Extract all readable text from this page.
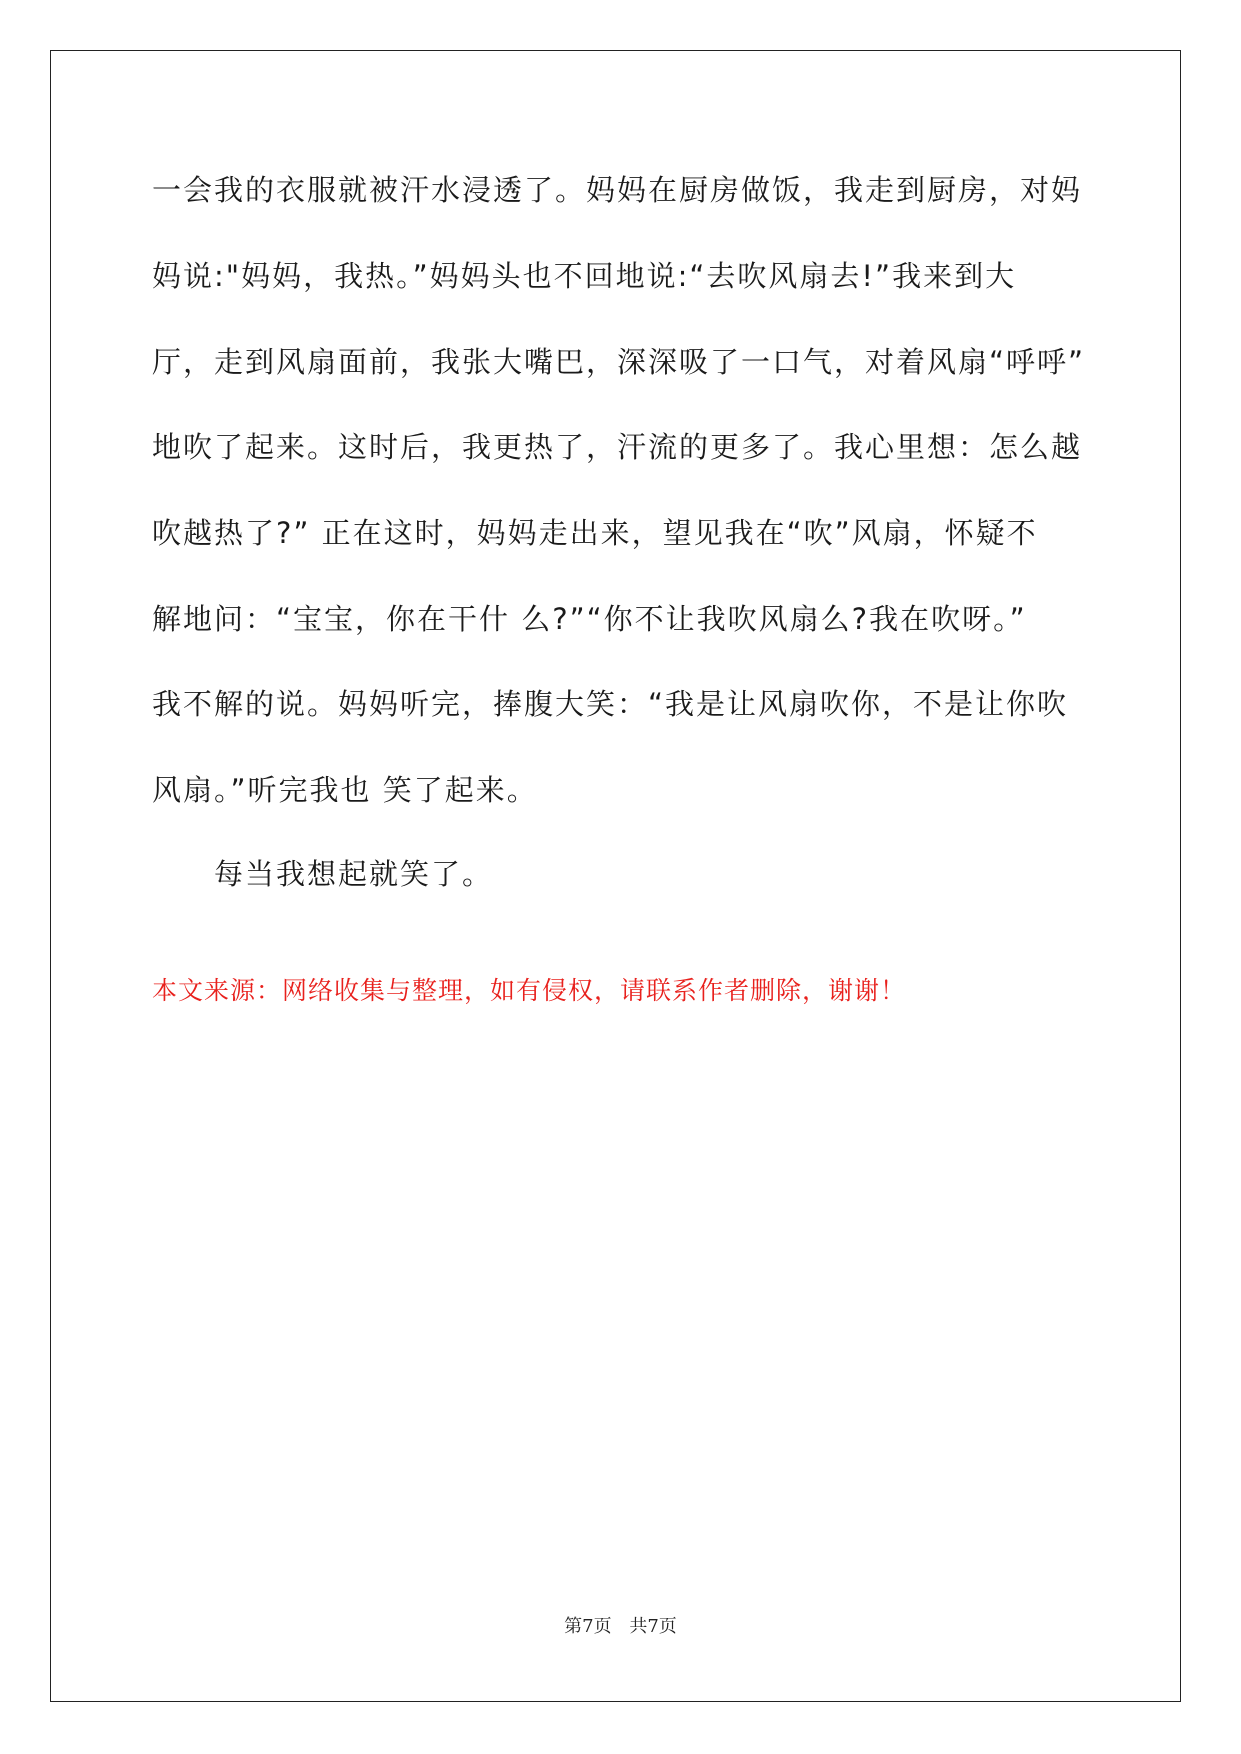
一会我的衣服就被汗水浸透了。妈妈在厨房做饭，我走到厨房，对妈
妈说:"妈妈，我热。”妈妈头也不回地说:“去吹风扇去!”我来到大
厅，走到风扇面前，我张大嘴巴，深深吸了一口气，对着风扇“呼呼”
地吹了起来。这时后，我更热了，汗流的更多了。我心里想：怎么越
吹越热了?” 正在这时，妈妈走出来，望见我在“吹”风扇，怀疑不
解地问：“宝宝，你在干什 么?”“你不让我吹风扇么?我在吹呀。”
我不解的说。妈妈听完，捧腹大笑：“我是让风扇吹你，不是让你吹
风扇。”听完我也 笑了起来。
每当我想起就笑了。
本文来源：网络收集与整理，如有侵权，请联系作者删除，谢谢！
第7页 共7页
